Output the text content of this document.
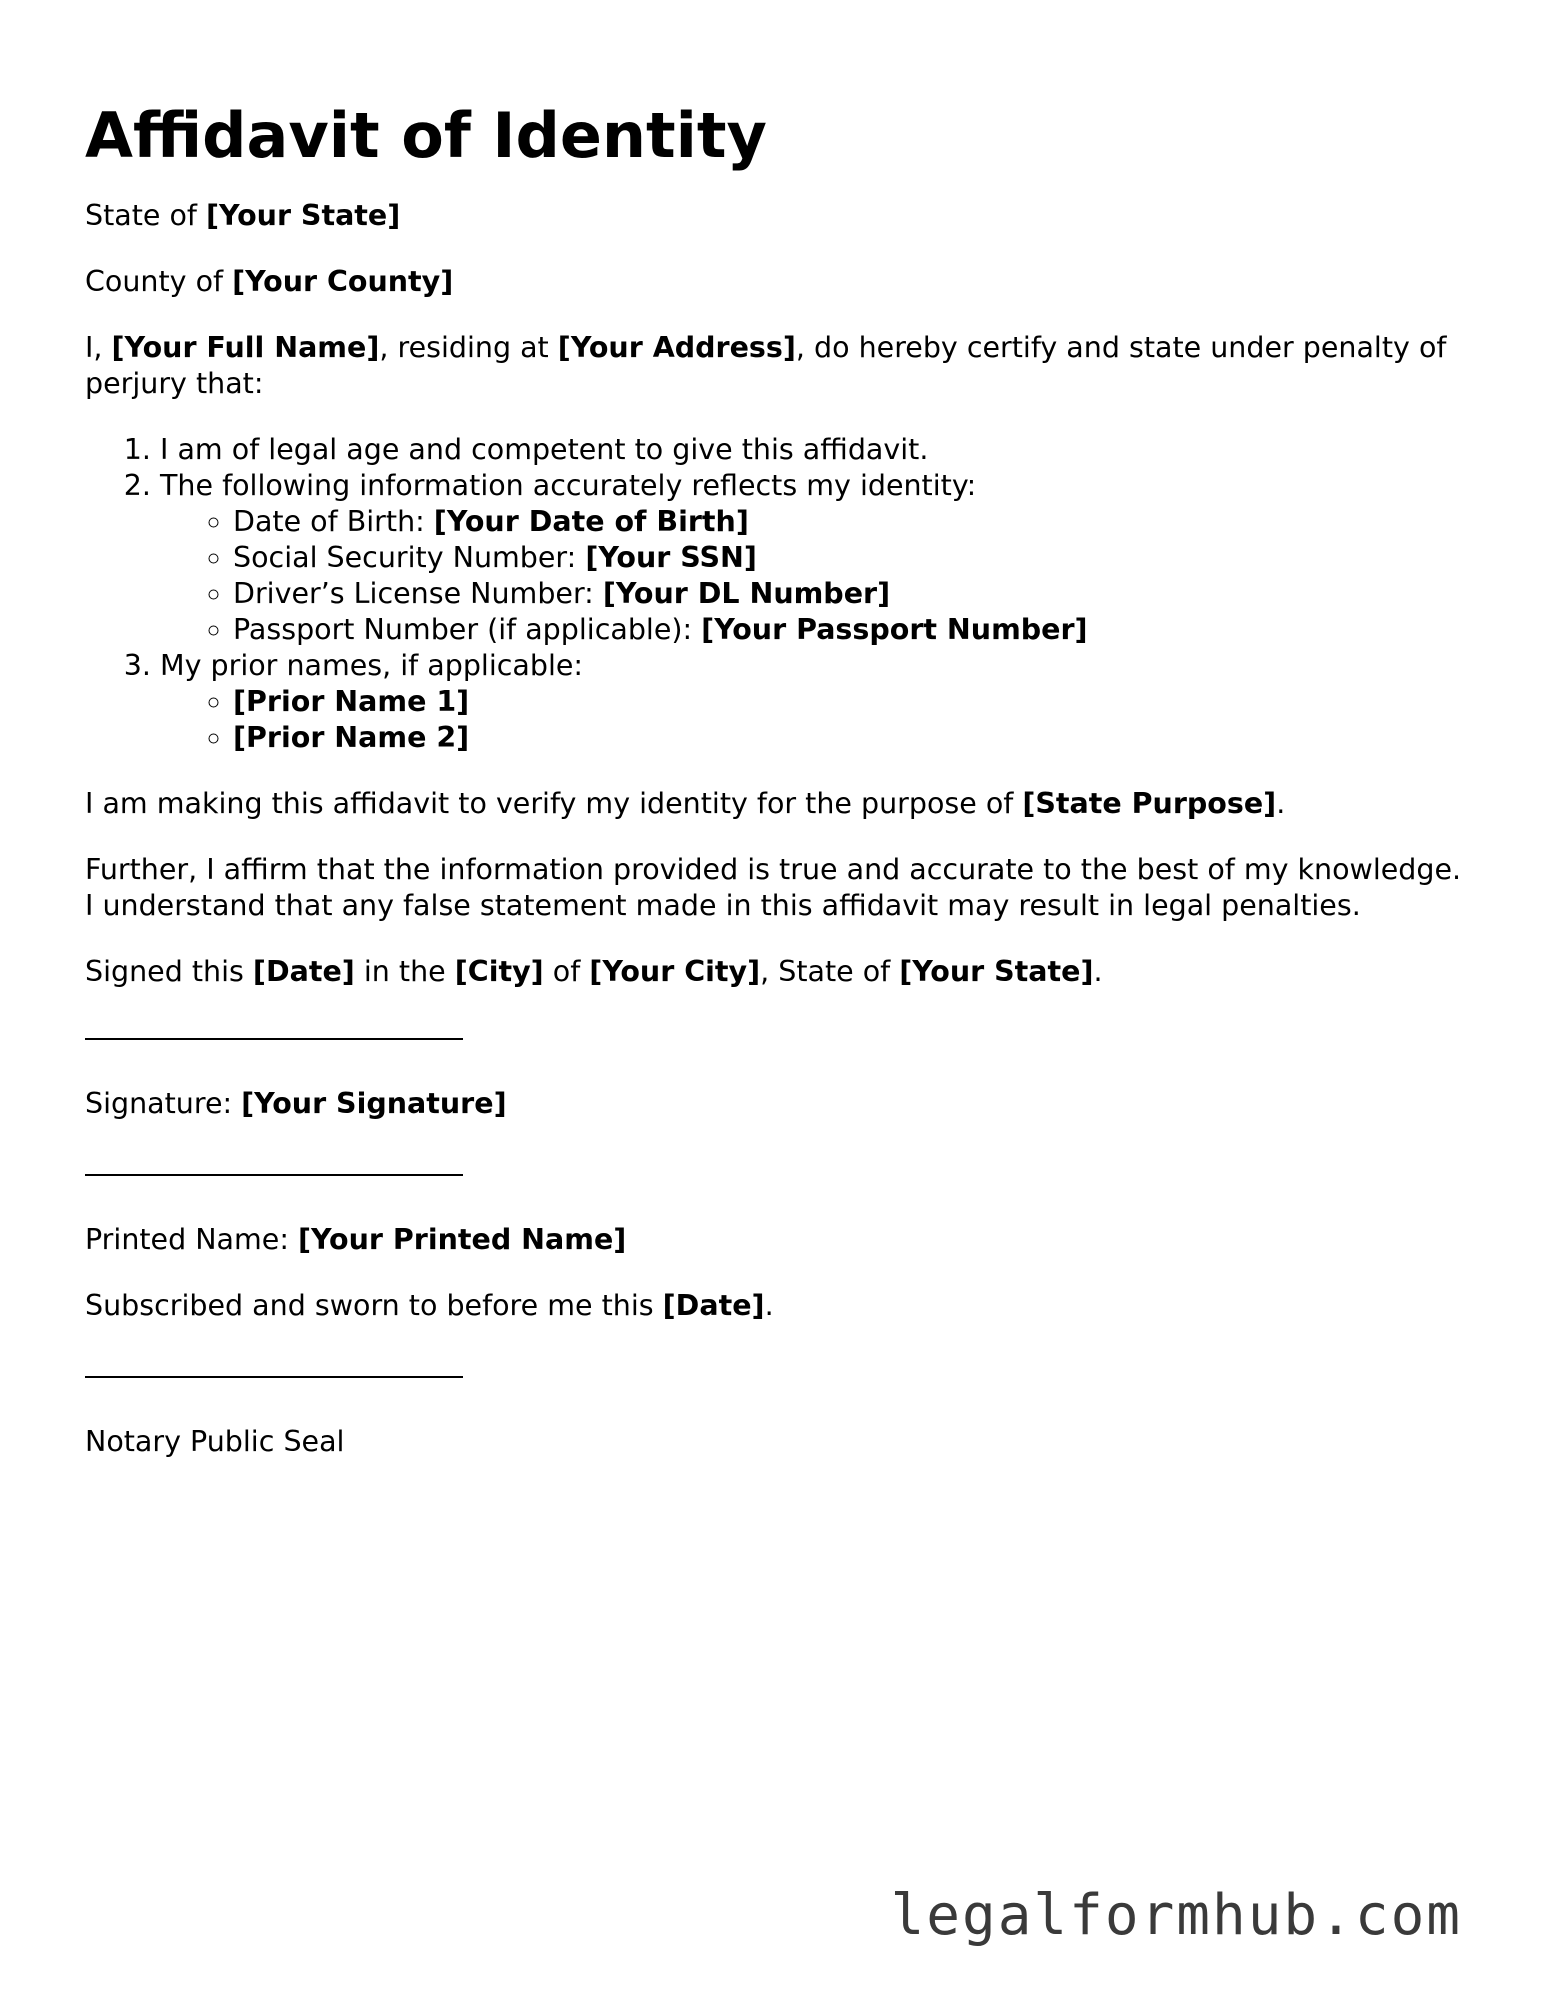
Affidavit of Identity

State of [Your State]

County of [Your County]

I, [Your Full Name], residing at [Your Address], do hereby certify and state under penalty of perjury that:

1. I am of legal age and competent to give this affidavit.
2. The following information accurately reflects my identity:
◦ Date of Birth: [Your Date of Birth]
◦ Social Security Number: [Your SSN]
◦ Driver’s License Number: [Your DL Number]
◦ Passport Number (if applicable): [Your Passport Number]
3. My prior names, if applicable:
◦ [Prior Name 1]
◦ [Prior Name 2]

I am making this affidavit to verify my identity for the purpose of [State Purpose].

Further, I affirm that the information provided is true and accurate to the best of my knowledge. I understand that any false statement made in this affidavit may result in legal penalties.

Signed this [Date] in the [City] of [Your City], State of [Your State].

Signature: [Your Signature]

Printed Name: [Your Printed Name]

Subscribed and sworn to before me this [Date].

Notary Public Seal

legalformhub.com
